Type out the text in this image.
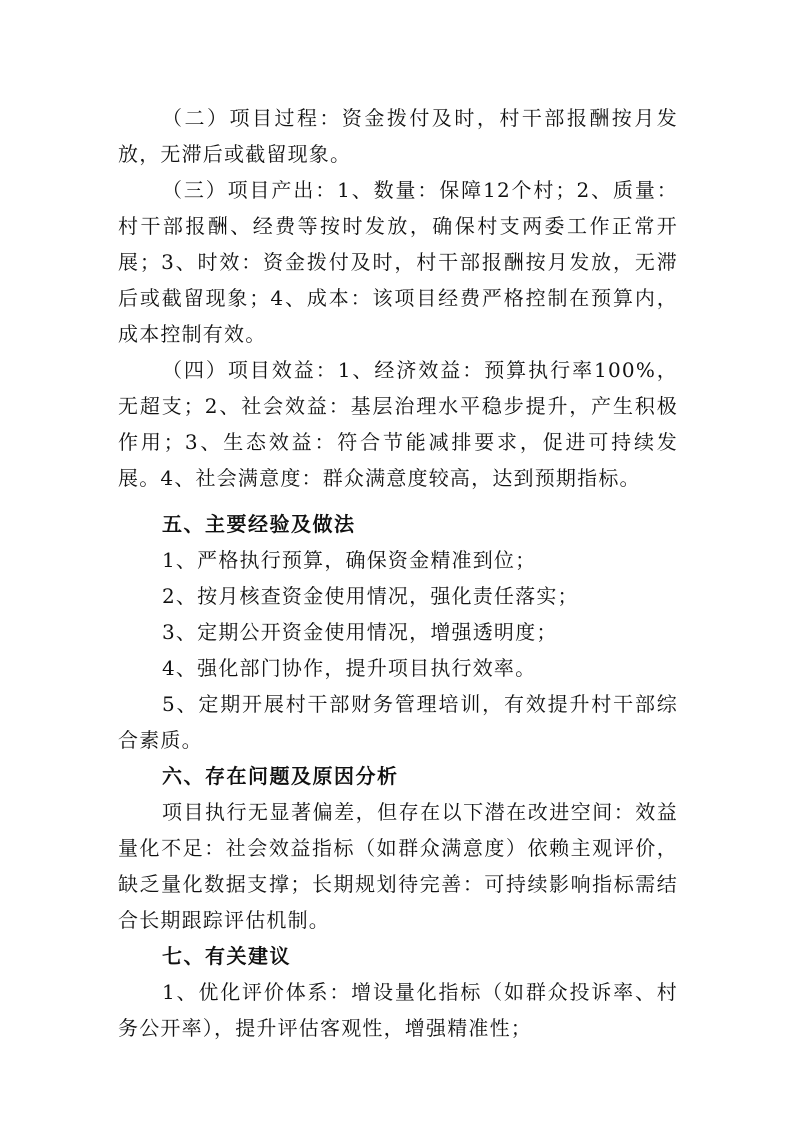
（二）项目过程：资金拨付及时，村干部报酬按月发放，无滞后或截留现象。

（三）项目产出：1、数量：保障12个村；2、质量：村干部报酬、经费等按时发放，确保村支两委工作正常开展；3、时效：资金拨付及时，村干部报酬按月发放，无滞后或截留现象；4、成本：该项目经费严格控制在预算内，成本控制有效。

（四）项目效益：1、经济效益：预算执行率100%，无超支；2、社会效益：基层治理水平稳步提升，产生积极作用；3、生态效益：符合节能减排要求，促进可持续发展。4、社会满意度：群众满意度较高，达到预期指标。

五、主要经验及做法

1、严格执行预算，确保资金精准到位；

2、按月核查资金使用情况，强化责任落实；

3、定期公开资金使用情况，增强透明度；

4、强化部门协作，提升项目执行效率。

5、定期开展村干部财务管理培训，有效提升村干部综合素质。

六、存在问题及原因分析

项目执行无显著偏差，但存在以下潜在改进空间：效益量化不足：社会效益指标（如群众满意度）依赖主观评价，缺乏量化数据支撑；长期规划待完善：可持续影响指标需结合长期跟踪评估机制。

七、有关建议

1、优化评价体系：增设量化指标（如群众投诉率、村务公开率），提升评估客观性，增强精准性；
